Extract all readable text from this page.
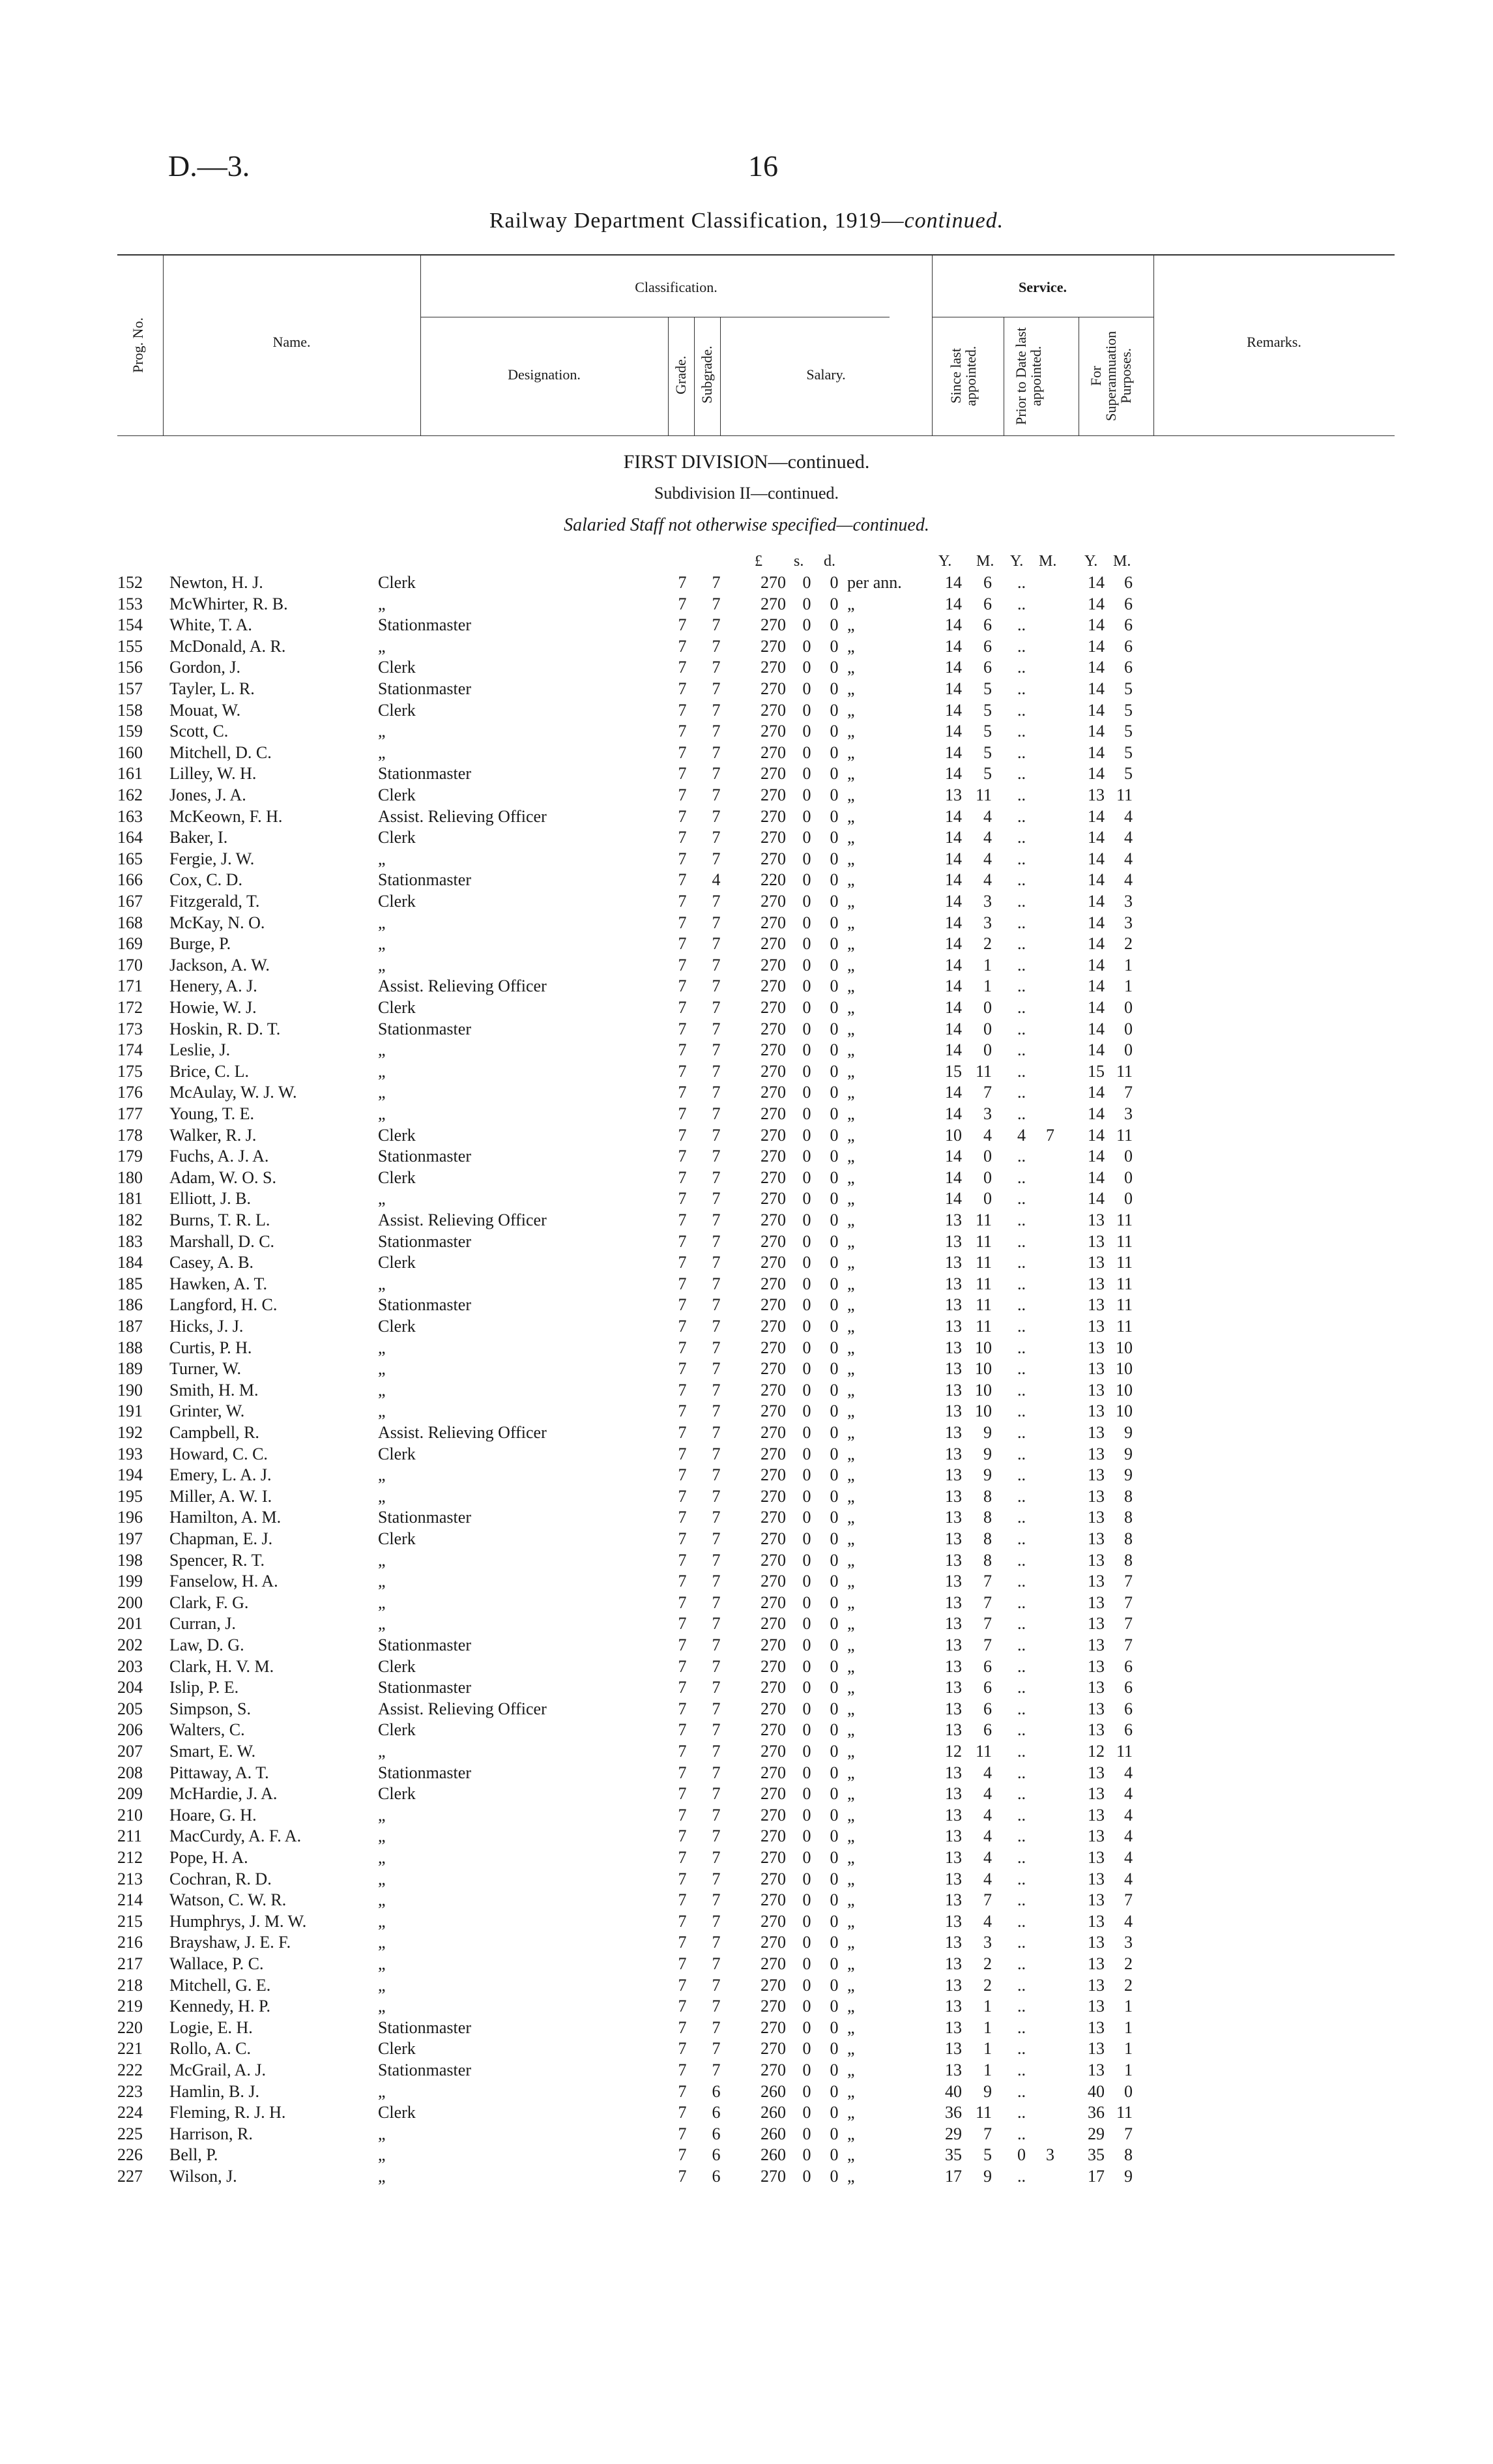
D.—3.	16
Railway Department Classification, 1919—continued.
Prog. No.	Name.
Classification.	Service.
Designation.	Grade. Subgrade.	Salary.	Since last appointed.	Prior to Date last appointed.	For Superannuation Purposes.
Remarks.
FIRST DIVISION—continued.
Subdivision II—continued.
Salaried Staff not otherwise specified—continued.
£ s. d.	Y. M. Y. M. Y. M.
152	Newton, H. J.	Clerk	7 7	270 0 0 per ann.	14	6	..	14	6
153	McWhirter, R. B.	„	7 7	270 0 0 „	14	6	..	14	6
154	White, T. A.	Stationmaster	7 7	270 0 0 „	14	6	..	14	6
155	McDonald, A. R.	„	7 7	270 0 0 „	14	6	..	14	6
156	Gordon, J.	Clerk	7 7	270 0 0 „	14	6	..	14	6
157	Tayler, L. R.	Stationmaster	7 7	270 0 0 „	14	5	..	14	5
158	Mouat, W.	Clerk	7 7	270 0 0 „	14	5	..	14	5
159	Scott, C.	„	7 7	270 0 0 „	14	5	..	14	5
160	Mitchell, D. C.	„	7 7	270 0 0 „	14	5	..	14	5
161	Lilley, W. H.	Stationmaster	7 7	270 0 0 „	14	5	..	14	5
162	Jones, J. A.	Clerk	7 7	270 0 0 „	13 11	..	13 11
163	McKeown, F. H.	Assist. Relieving Officer	7 7	270 0 0 „	14	4	..	14	4
164	Baker, I.	Clerk	7 7	270 0 0 „	14	4	..	14	4
165	Fergie, J. W.	„	7 7	270 0 0 „	14	4	..	14	4
166	Cox, C. D.	Stationmaster	7 4	220 0 0 „	14	4	..	14	4
167	Fitzgerald, T.	Clerk	7 7	270 0 0 „	14	3	..	14	3
168	McKay, N. O.	„	7 7	270 0 0 „	14	3	..	14	3
169	Burge, P.	„	7 7	270 0 0 „	14	2	..	14	2
170	Jackson, A. W.	„	7 7	270 0 0 „	14	1	..	14	1
171	Henery, A. J.	Assist. Relieving Officer	7 7	270 0 0 „	14	1	..	14	1
172	Howie, W. J.	Clerk	7 7	270 0 0 „	14	0	..	14	0
173	Hoskin, R. D. T.	Stationmaster	7 7	270 0 0 „	14	0	..	14	0
174	Leslie, J.	„	7 7	270 0 0 „	14	0	..	14	0
175	Brice, C. L.	„	7 7	270 0 0 „	15 11	..	15 11
176	McAulay, W. J. W.	„	7 7	270 0 0 „	14	7	..	14	7
177	Young, T. E.	„	7 7	270 0 0 „	14	3	..	14	3
178	Walker, R. J.	Clerk	7 7	270 0 0 „	10	4	4	7	14 11
179	Fuchs, A. J. A.	Stationmaster	7 7	270 0 0 „	14	0	..	14	0
180	Adam, W. O. S.	Clerk	7 7	270 0 0 „	14	0	..	14	0
181	Elliott, J. B.	„	7 7	270 0 0 „	14	0	..	14	0
182	Burns, T. R. L.	Assist. Relieving Officer	7 7	270 0 0 „	13 11	..	13 11
183	Marshall, D. C.	Stationmaster	7 7	270 0 0 „	13 11	..	13 11
184	Casey, A. B.	Clerk	7 7	270 0 0 „	13 11	..	13 11
185	Hawken, A. T.	„	7 7	270 0 0 „	13 11	..	13 11
186	Langford, H. C.	Stationmaster	7 7	270 0 0 „	13 11	..	13 11
187	Hicks, J. J.	Clerk	7 7	270 0 0 „	13 11	..	13 11
188	Curtis, P. H.	„	7 7	270 0 0 „	13 10	..	13 10
189	Turner, W.	„	7 7	270 0 0 „	13 10	..	13 10
190	Smith, H. M.	„	7 7	270 0 0 „	13 10	..	13 10
191	Grinter, W.	„	7 7	270 0 0 „	13 10	..	13 10
192	Campbell, R.	Assist. Relieving Officer	7 7	270 0 0 „	13	9	..	13	9
193	Howard, C. C.	Clerk	7 7	270 0 0 „	13	9	..	13	9
194	Emery, L. A. J.	„	7 7	270 0 0 „	13	9	..	13	9
195	Miller, A. W. I.	„	7 7	270 0 0 „	13	8	..	13	8
196	Hamilton, A. M.	Stationmaster	7 7	270 0 0 „	13	8	..	13	8
197	Chapman, E. J.	Clerk	7 7	270 0 0 „	13	8	..	13	8
198	Spencer, R. T.	„	7 7	270 0 0 „	13	8	..	13	8
199	Fanselow, H. A.	„	7 7	270 0 0 „	13	7	..	13	7
200	Clark, F. G.	„	7 7	270 0 0 „	13	7	..	13	7
201	Curran, J.	„	7 7	270 0 0 „	13	7	..	13	7
202	Law, D. G.	Stationmaster	7 7	270 0 0 „	13	7	..	13	7
203	Clark, H. V. M.	Clerk	7 7	270 0 0 „	13	6	..	13	6
204	Islip, P. E.	Stationmaster	7 7	270 0 0 „	13	6	..	13	6
205	Simpson, S.	Assist. Relieving Officer	7 7	270 0 0 „	13	6	..	13	6
206	Walters, C.	Clerk	7 7	270 0 0 „	13	6	..	13	6
207	Smart, E. W.	„	7 7	270 0 0 „	12 11	..	12 11
208	Pittaway, A. T.	Stationmaster	7 7	270 0 0 „	13	4	..	13	4
209	McHardie, J. A.	Clerk	7 7	270 0 0 „	13	4	..	13	4
210	Hoare, G. H.	„	7 7	270 0 0 „	13	4	..	13	4
211	MacCurdy, A. F. A.	„	7 7	270 0 0 „	13	4	..	13	4
212	Pope, H. A.	„	7 7	270 0 0 „	13	4	..	13	4
213	Cochran, R. D.	„	7 7	270 0 0 „	13	4	..	13	4
214	Watson, C. W. R.	„	7 7	270 0 0 „	13	7	..	13	7
215	Humphrys, J. M. W.	„	7 7	270 0 0 „	13	4	..	13	4
216	Brayshaw, J. E. F.	„	7 7	270 0 0 „	13	3	..	13	3
217	Wallace, P. C.	„	7 7	270 0 0 „	13	2	..	13	2
218	Mitchell, G. E.	„	7 7	270 0 0 „	13	2	..	13	2
219	Kennedy, H. P.	„	7 7	270 0 0 „	13	1	..	13	1
220	Logie, E. H.	Stationmaster	7 7	270 0 0 „	13	1	..	13	1
221	Rollo, A. C.	Clerk	7 7	270 0 0 „	13	1	..	13	1
222	McGrail, A. J.	Stationmaster	7 7	270 0 0 „	13	1	..	13	1
223	Hamlin, B. J.	„	7 6	260 0 0 „	40	9	..	40	0
224	Fleming, R. J. H.	Clerk	7 6	260 0 0 „	36 11	..	36 11
225	Harrison, R.	„	7 6	260 0 0 „	29	7	..	29	7
226	Bell, P.	„	7 6	260 0 0 „	35	5	0	3	35	8
227	Wilson, J.	„	7 6	270 0 0 „	17	9	..	17	9
